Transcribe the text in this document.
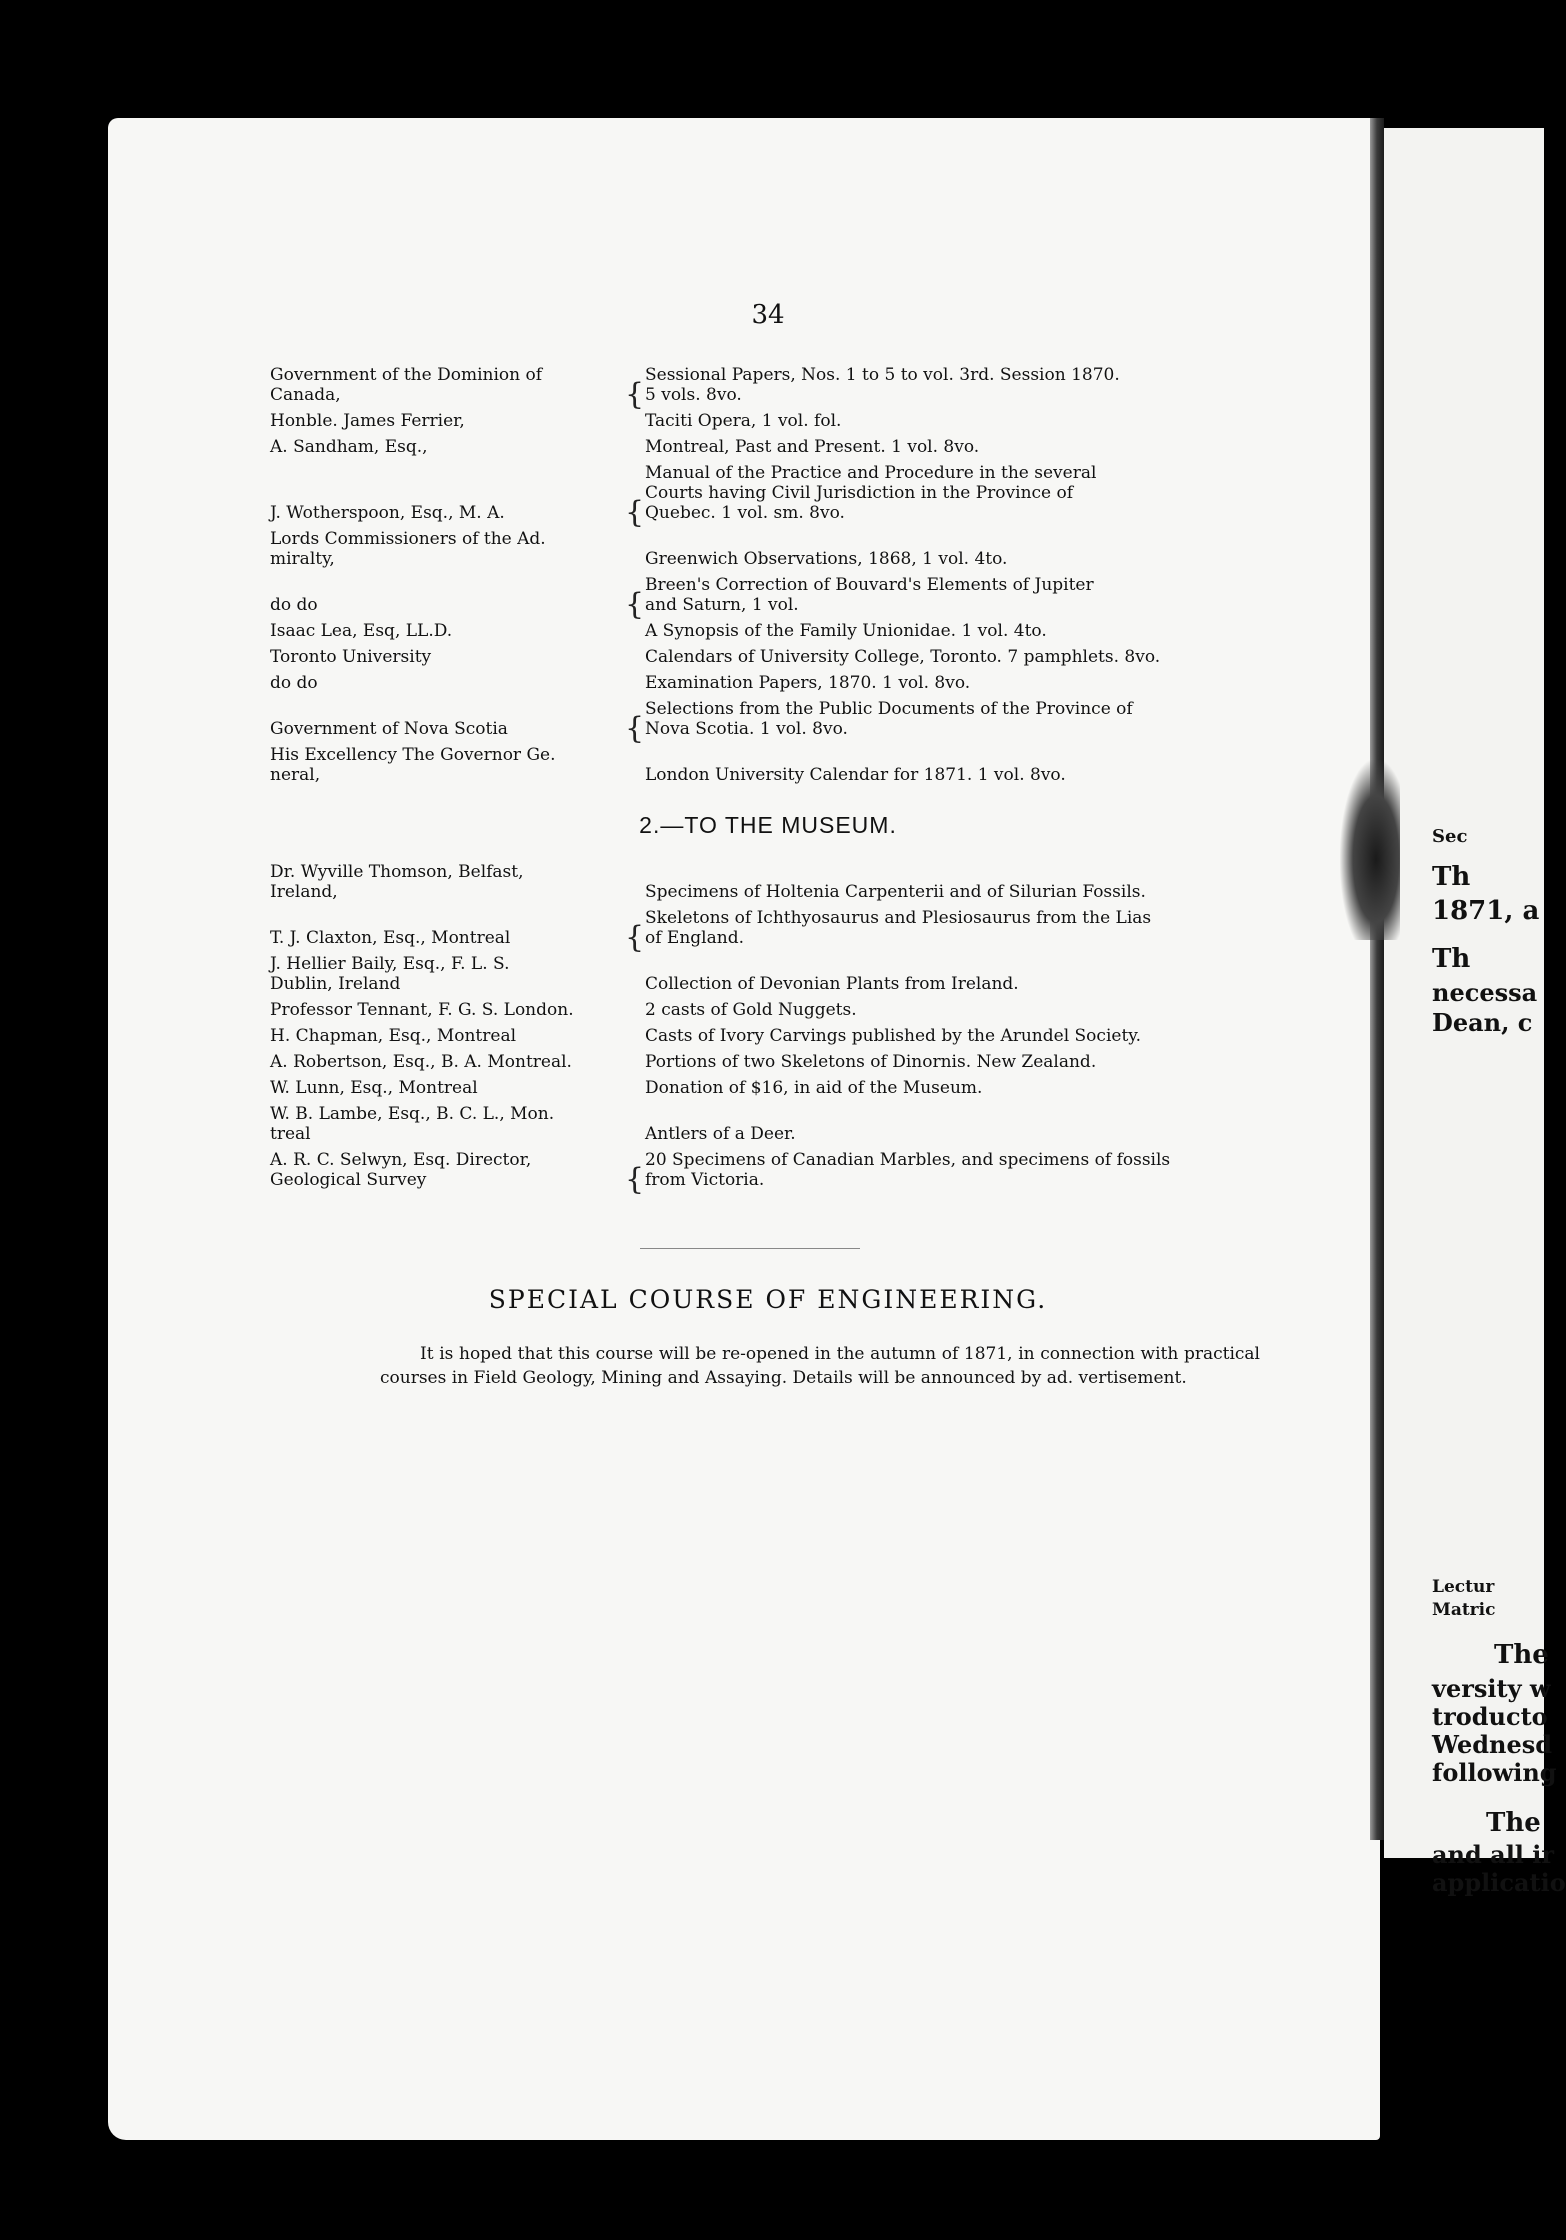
34
Government of the Dominion of
Canada,	{
Sessional Papers, Nos. 1 to 5 to vol. 3rd. Session 1870.
5 vols. 8vo.
Honble. James Ferrier,	Taciti Opera, 1 vol. fol.
A. Sandham, Esq.,	Montreal, Past and Present. 1 vol. 8vo.
J. Wotherspoon, Esq., M. A.	{
Manual of the Practice and Procedure in the several
Courts having Civil Jurisdiction in the Province of
Quebec. 1 vol. sm. 8vo.
Lords Commissioners of the Ad.
miralty,	Greenwich Observations, 1868, 1 vol. 4to.
do do	{
Breen's Correction of Bouvard's Elements of Jupiter
and Saturn, 1 vol.
Isaac Lea, Esq, LL.D.	A Synopsis of the Family Unionidae. 1 vol. 4to.
Toronto University	Calendars of University College, Toronto. 7 pamphlets. 8vo.
do do	Examination Papers, 1870. 1 vol. 8vo.
Government of Nova Scotia	{
Selections from the Public Documents of the Province of
Nova Scotia. 1 vol. 8vo.
His Excellency The Governor Ge.
neral,	London University Calendar for 1871. 1 vol. 8vo.
2.—TO THE MUSEUM.
Dr. Wyville Thomson, Belfast,
Ireland,	Specimens of Holtenia Carpenterii and of Silurian Fossils.
T. J. Claxton, Esq., Montreal	{
Skeletons of Ichthyosaurus and Plesiosaurus from the Lias
of England.
J. Hellier Baily, Esq., F. L. S.
Dublin, Ireland	Collection of Devonian Plants from Ireland.
Professor Tennant, F. G. S. London.	2 casts of Gold Nuggets.
H. Chapman, Esq., Montreal	Casts of Ivory Carvings published by the Arundel Society.
A. Robertson, Esq., B. A. Montreal.	Portions of two Skeletons of Dinornis. New Zealand.
W. Lunn, Esq., Montreal	Donation of $16, in aid of the Museum.
W. B. Lambe, Esq., B. C. L., Mon.
treal	Antlers of a Deer.
A. R. C. Selwyn, Esq. Director,
Geological Survey	{
20 Specimens of Canadian Marbles, and specimens of fossils
from Victoria.
SPECIAL COURSE OF ENGINEERING.
It is hoped that this course will be re-opened in the autumn of 1871, in connection with practical courses in Field Geology, Mining and Assaying. Details will be announced by ad. vertisement.
Sec
Th
1871, a
Th
necessa
Dean, c
Lectur
Matric
The
versity w
troducto
Wednesd
following
The
and all ir
applicatio
